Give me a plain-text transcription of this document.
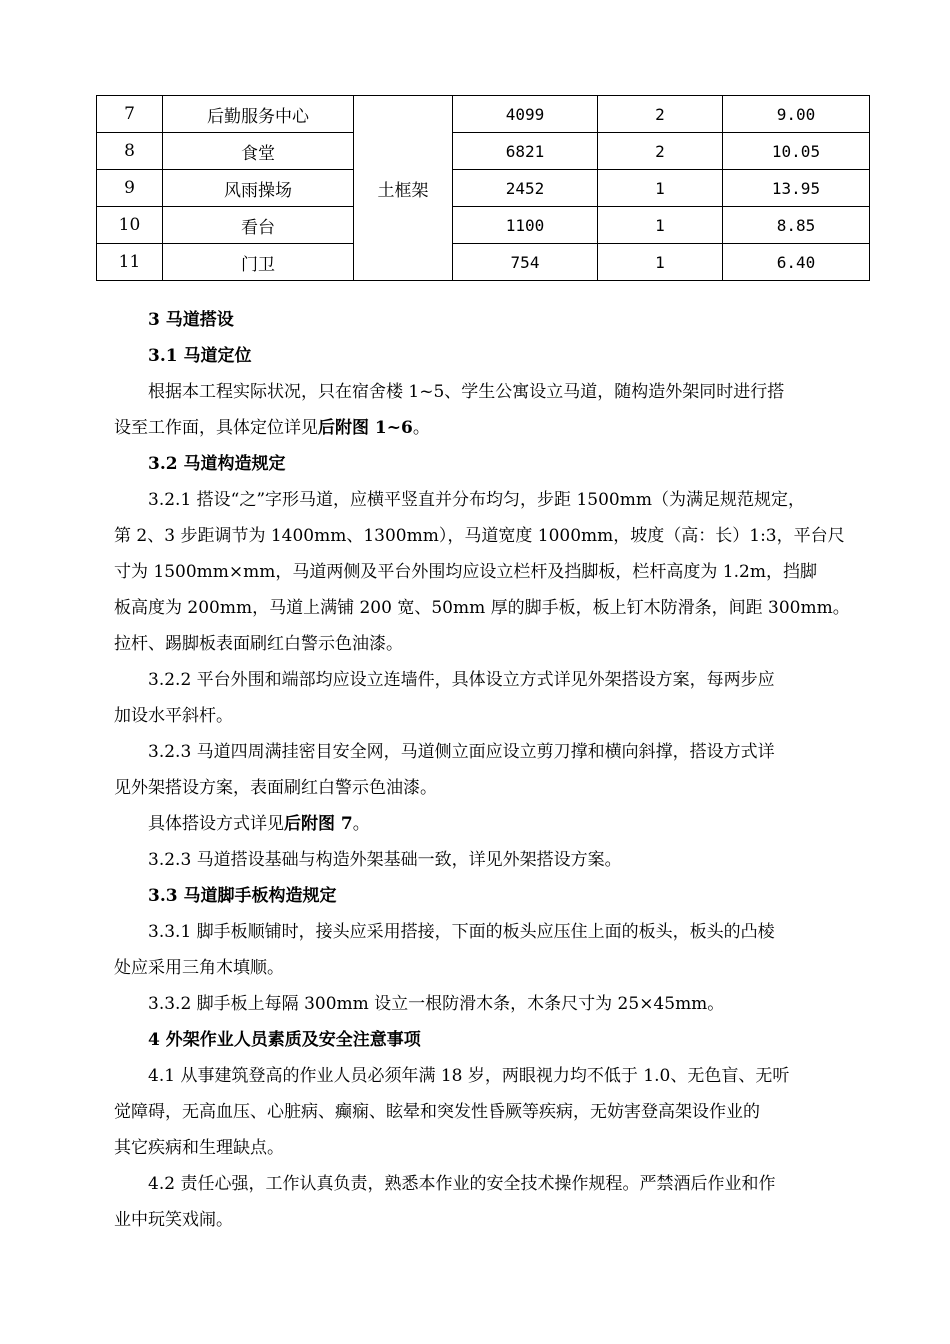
7	后勤服务中心	土框架	4099	2	9.00
8	食堂		6821	2	10.05
9	风雨操场		2452	1	13.95
10	看台		1100	1	8.85
11	门卫		754	1	6.40
3 马道搭设
3.1 马道定位
根据本工程实际状况，只在宿舍楼 1~5、学生公寓设立马道，随构造外架同时进行搭
设至工作面，具体定位详见后附图 1~6。
3.2 马道构造规定
3.2.1 搭设“之”字形马道，应横平竖直并分布均匀，步距 1500mm（为满足规范规定，
第 2、3 步距调节为 1400mm、1300mm），马道宽度 1000mm，坡度（高：长）1:3，平台尺
寸为 1500mm×mm，马道两侧及平台外围均应设立栏杆及挡脚板，栏杆高度为 1.2m，挡脚
板高度为 200mm，马道上满铺 200 宽、50mm 厚的脚手板，板上钉木防滑条，间距 300mm。
拉杆、踢脚板表面刷红白警示色油漆。
3.2.2 平台外围和端部均应设立连墙件，具体设立方式详见外架搭设方案，每两步应
加设水平斜杆。
3.2.3 马道四周满挂密目安全网，马道侧立面应设立剪刀撑和横向斜撑，搭设方式详
见外架搭设方案，表面刷红白警示色油漆。
具体搭设方式详见后附图 7。
3.2.3 马道搭设基础与构造外架基础一致，详见外架搭设方案。
3.3 马道脚手板构造规定
3.3.1 脚手板顺铺时，接头应采用搭接，下面的板头应压住上面的板头，板头的凸棱
处应采用三角木填顺。
3.3.2 脚手板上每隔 300mm 设立一根防滑木条，木条尺寸为 25×45mm。
4 外架作业人员素质及安全注意事项
4.1 从事建筑登高的作业人员必须年满 18 岁，两眼视力均不低于 1.0、无色盲、无听
觉障碍，无高血压、心脏病、癫痫、眩晕和突发性昏厥等疾病，无妨害登高架设作业的
其它疾病和生理缺点。
4.2 责任心强，工作认真负责，熟悉本作业的安全技术操作规程。严禁酒后作业和作
业中玩笑戏闹。
